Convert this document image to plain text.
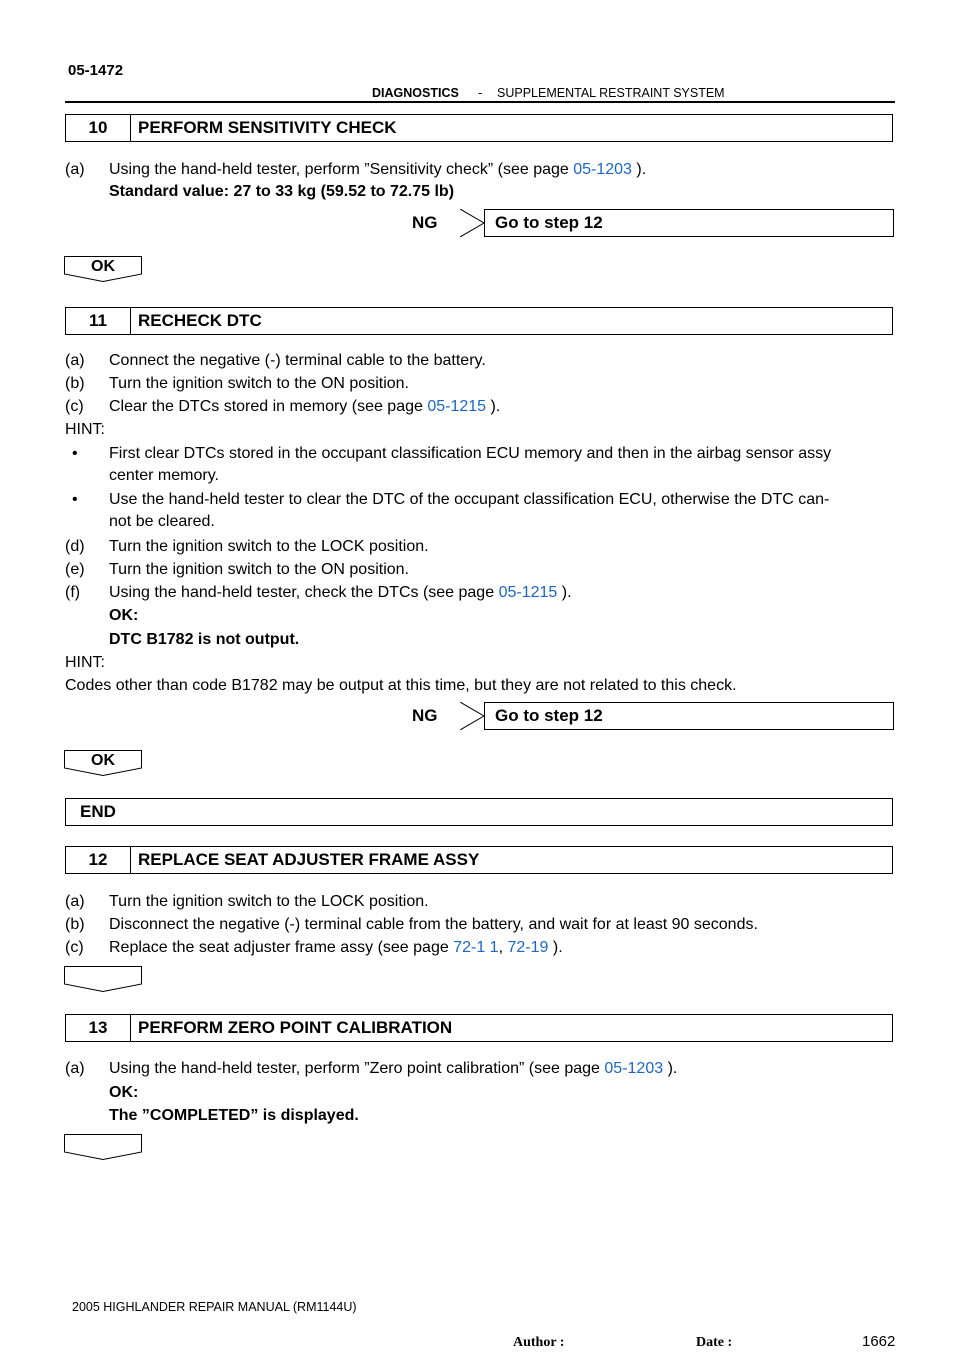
05-1472
-
DIAGNOSTICS	SUPPLEMENTAL RESTRAINT SYSTEM
10	PERFORM SENSITIVITY CHECK
(a) Using the hand-held tester, perform ”Sensitivity check” (see page 05-1203 ).
Standard value: 27 to 33 kg (59.52 to 72.75 lb)
NG	Go to step 12
OK
11	RECHECK DTC
(a) Connect the negative (-) terminal cable to the battery.
(b) Turn the ignition switch to the ON position.
(c) Clear the DTCs stored in memory (see page 05-1215 ).
HINT:
• First clear DTCs stored in the occupant classification ECU memory and then in the airbag sensor assy
center memory.
• Use the hand-held tester to clear the DTC of the occupant classification ECU, otherwise the DTC can-
not be cleared.
(d) Turn the ignition switch to the LOCK position.
(e) Turn the ignition switch to the ON position.
(f) Using the hand-held tester, check the DTCs (see page 05-1215 ).
OK:
DTC B1782 is not output.
HINT:
Codes other than code B1782 may be output at this time, but they are not related to this check.
NG	Go to step 12
OK
END
12	REPLACE SEAT ADJUSTER FRAME ASSY
(a) Turn the ignition switch to the LOCK position.
(b) Disconnect the negative (-) terminal cable from the battery, and wait for at least 90 seconds.
(c) Replace the seat adjuster frame assy (see page 72-1 1, 72-19 ).
13	PERFORM ZERO POINT CALIBRATION
(a) Using the hand-held tester, perform ”Zero point calibration” (see page 05-1203 ).
OK:
The ”COMPLETED” is displayed.
2005 HIGHLANDER REPAIR MANUAL (RM1144U)
Author :	Date :	1662
